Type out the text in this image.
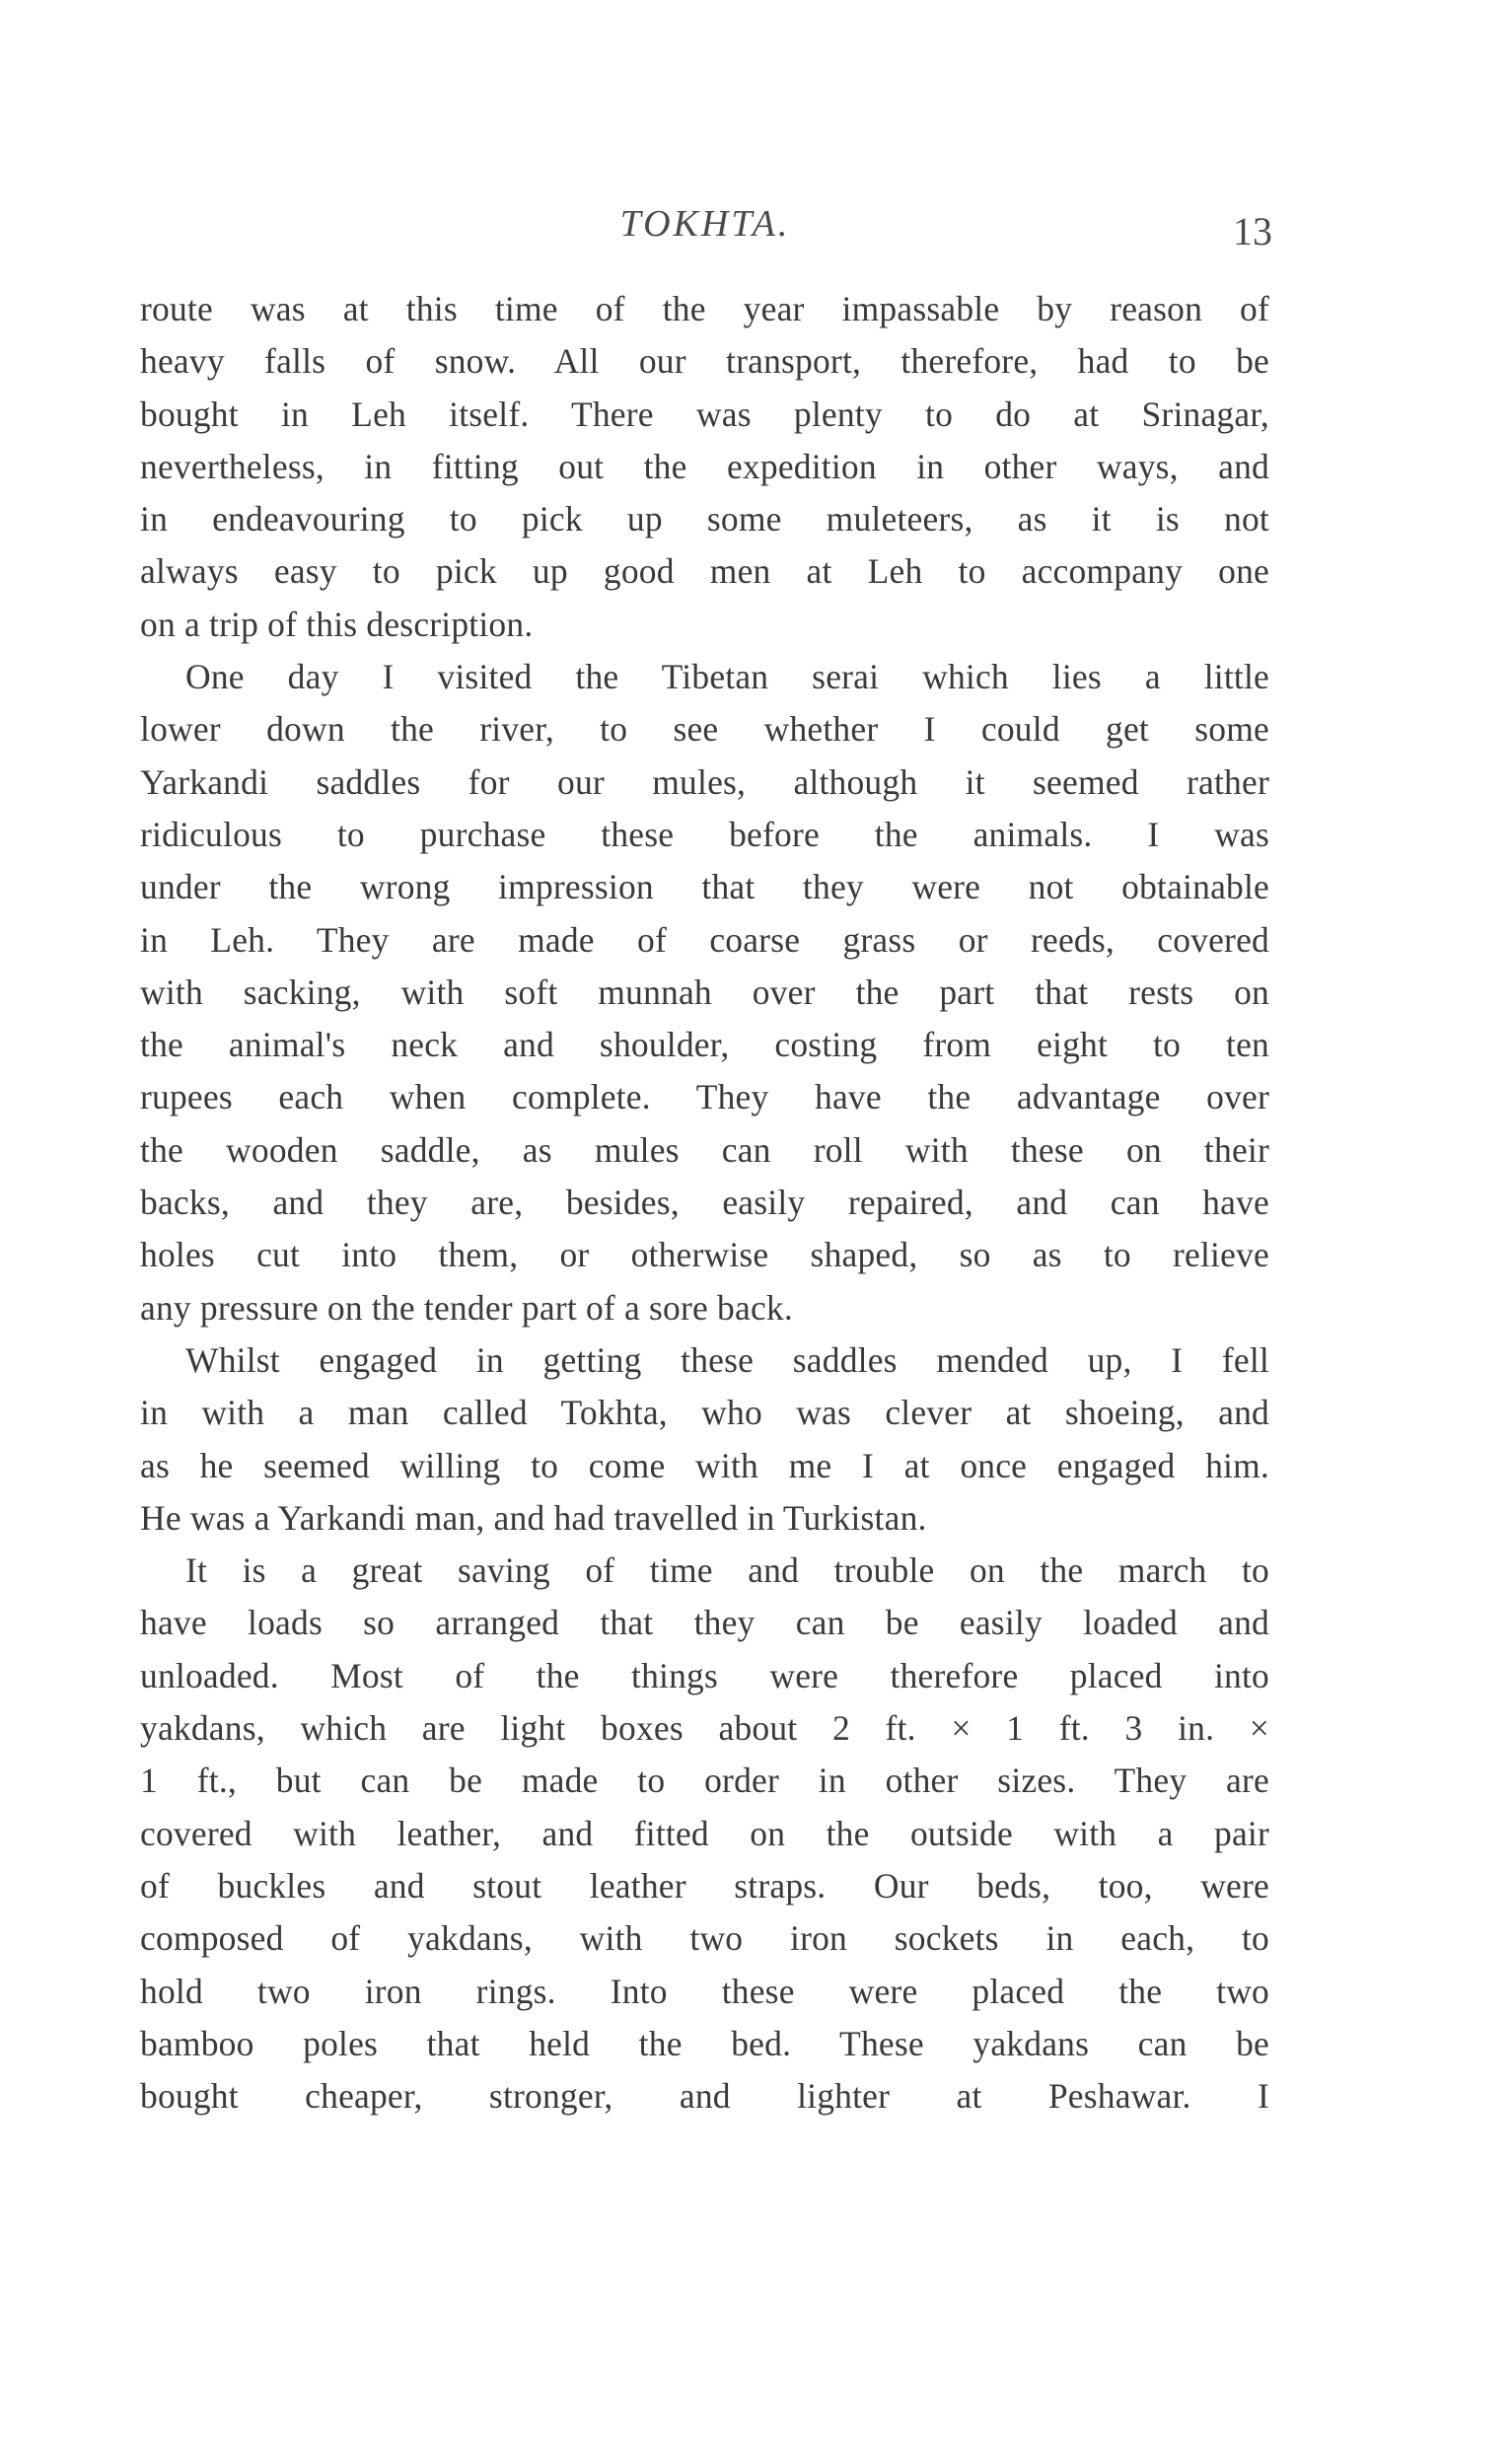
TOKHTA.	13
route was at this time of the year impassable by reason of
heavy falls of snow. All our transport, therefore, had to be
bought in Leh itself. There was plenty to do at Srinagar,
nevertheless, in fitting out the expedition in other ways, and
in endeavouring to pick up some muleteers, as it is not
always easy to pick up good men at Leh to accompany one
on a trip of this description.
One day I visited the Tibetan serai which lies a little
lower down the river, to see whether I could get some
Yarkandi saddles for our mules, although it seemed rather
ridiculous to purchase these before the animals. I was
under the wrong impression that they were not obtainable
in Leh. They are made of coarse grass or reeds, covered
with sacking, with soft munnah over the part that rests on
the animal's neck and shoulder, costing from eight to ten
rupees each when complete. They have the advantage over
the wooden saddle, as mules can roll with these on their
backs, and they are, besides, easily repaired, and can have
holes cut into them, or otherwise shaped, so as to relieve
any pressure on the tender part of a sore back.
Whilst engaged in getting these saddles mended up, I fell
in with a man called Tokhta, who was clever at shoeing, and
as he seemed willing to come with me I at once engaged him.
He was a Yarkandi man, and had travelled in Turkistan.
It is a great saving of time and trouble on the march to
have loads so arranged that they can be easily loaded and
unloaded. Most of the things were therefore placed into
yakdans, which are light boxes about 2 ft. × 1 ft. 3 in. ×
1 ft., but can be made to order in other sizes. They are
covered with leather, and fitted on the outside with a pair
of buckles and stout leather straps. Our beds, too, were
composed of yakdans, with two iron sockets in each, to
hold two iron rings. Into these were placed the two
bamboo poles that held the bed. These yakdans can be
bought cheaper, stronger, and lighter at Peshawar. I
